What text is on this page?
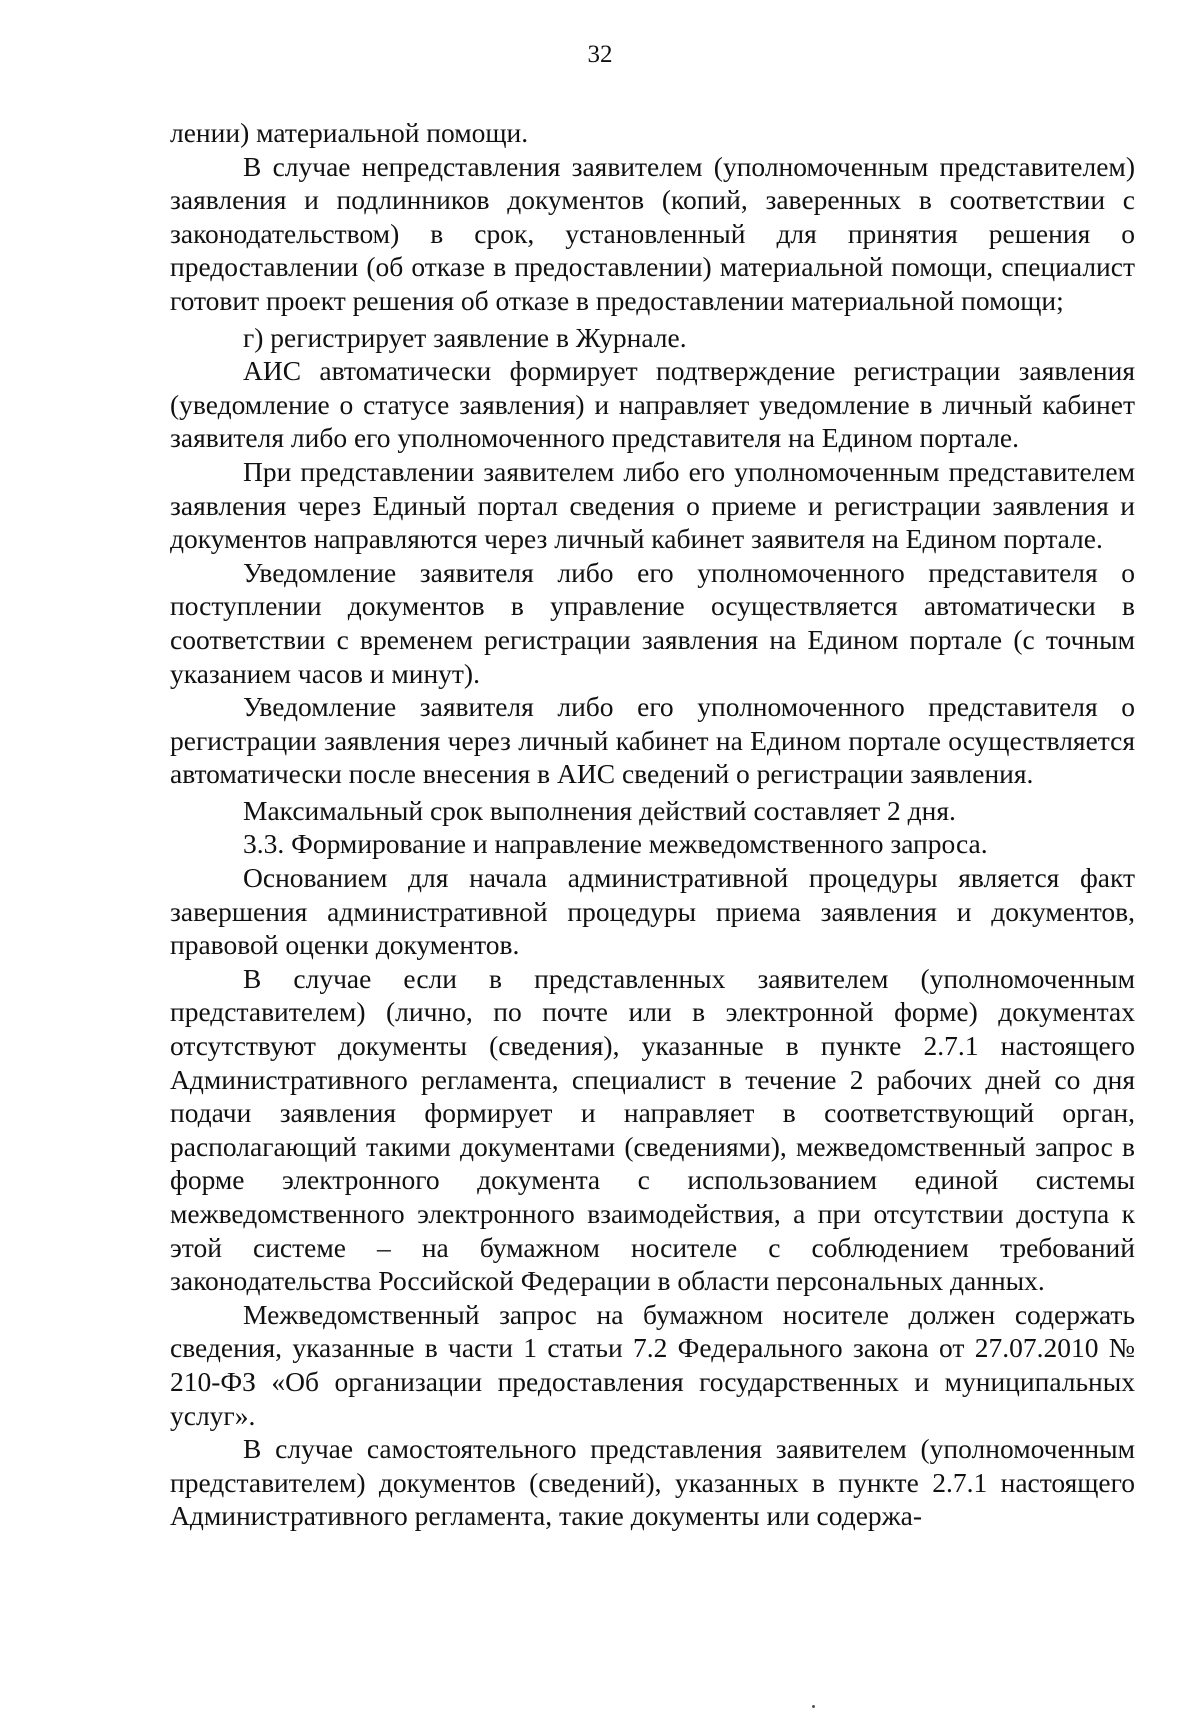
32

лении) материальной помощи.

В случае непредставления заявителем (уполномоченным представителем) заявления и подлинников документов (копий, заверенных в соответствии с законодательством) в срок, установленный для принятия решения о предоставлении (об отказе в предоставлении) материальной помощи, специалист готовит проект решения об отказе в предоставлении материальной помощи;

г) регистрирует заявление в Журнале.

АИС автоматически формирует подтверждение регистрации заявления (уведомление о статусе заявления) и направляет уведомление в личный кабинет заявителя либо его уполномоченного представителя на Едином портале.

При представлении заявителем либо его уполномоченным представителем заявления через Единый портал сведения о приеме и регистрации заявления и документов направляются через личный кабинет заявителя на Едином портале.

Уведомление заявителя либо его уполномоченного представителя о поступлении документов в управление осуществляется автоматически в соответствии с временем регистрации заявления на Едином портале (с точным указанием часов и минут).

Уведомление заявителя либо его уполномоченного представителя о регистрации заявления через личный кабинет на Едином портале осуществляется автоматически после внесения в АИС сведений о регистрации заявления.

Максимальный срок выполнения действий составляет 2 дня.

3.3. Формирование и направление межведомственного запроса.

Основанием для начала административной процедуры является факт завершения административной процедуры приема заявления и документов, правовой оценки документов.

В случае если в представленных заявителем (уполномоченным представителем) (лично, по почте или в электронной форме) документах отсутствуют документы (сведения), указанные в пункте 2.7.1 настоящего Административного регламента, специалист в течение 2 рабочих дней со дня подачи заявления формирует и направляет в соответствующий орган, располагающий такими документами (сведениями), межведомственный запрос в форме электронного документа с использованием единой системы межведомственного электронного взаимодействия, а при отсутствии доступа к этой системе – на бумажном носителе с соблюдением требований законодательства Российской Федерации в области персональных данных.

Межведомственный запрос на бумажном носителе должен содержать сведения, указанные в части 1 статьи 7.2 Федерального закона от 27.07.2010 № 210-ФЗ «Об организации предоставления государственных и муниципальных услуг».

В случае самостоятельного представления заявителем (уполномоченным представителем) документов (сведений), указанных в пункте 2.7.1 настоящего Административного регламента, такие документы или содержа-
